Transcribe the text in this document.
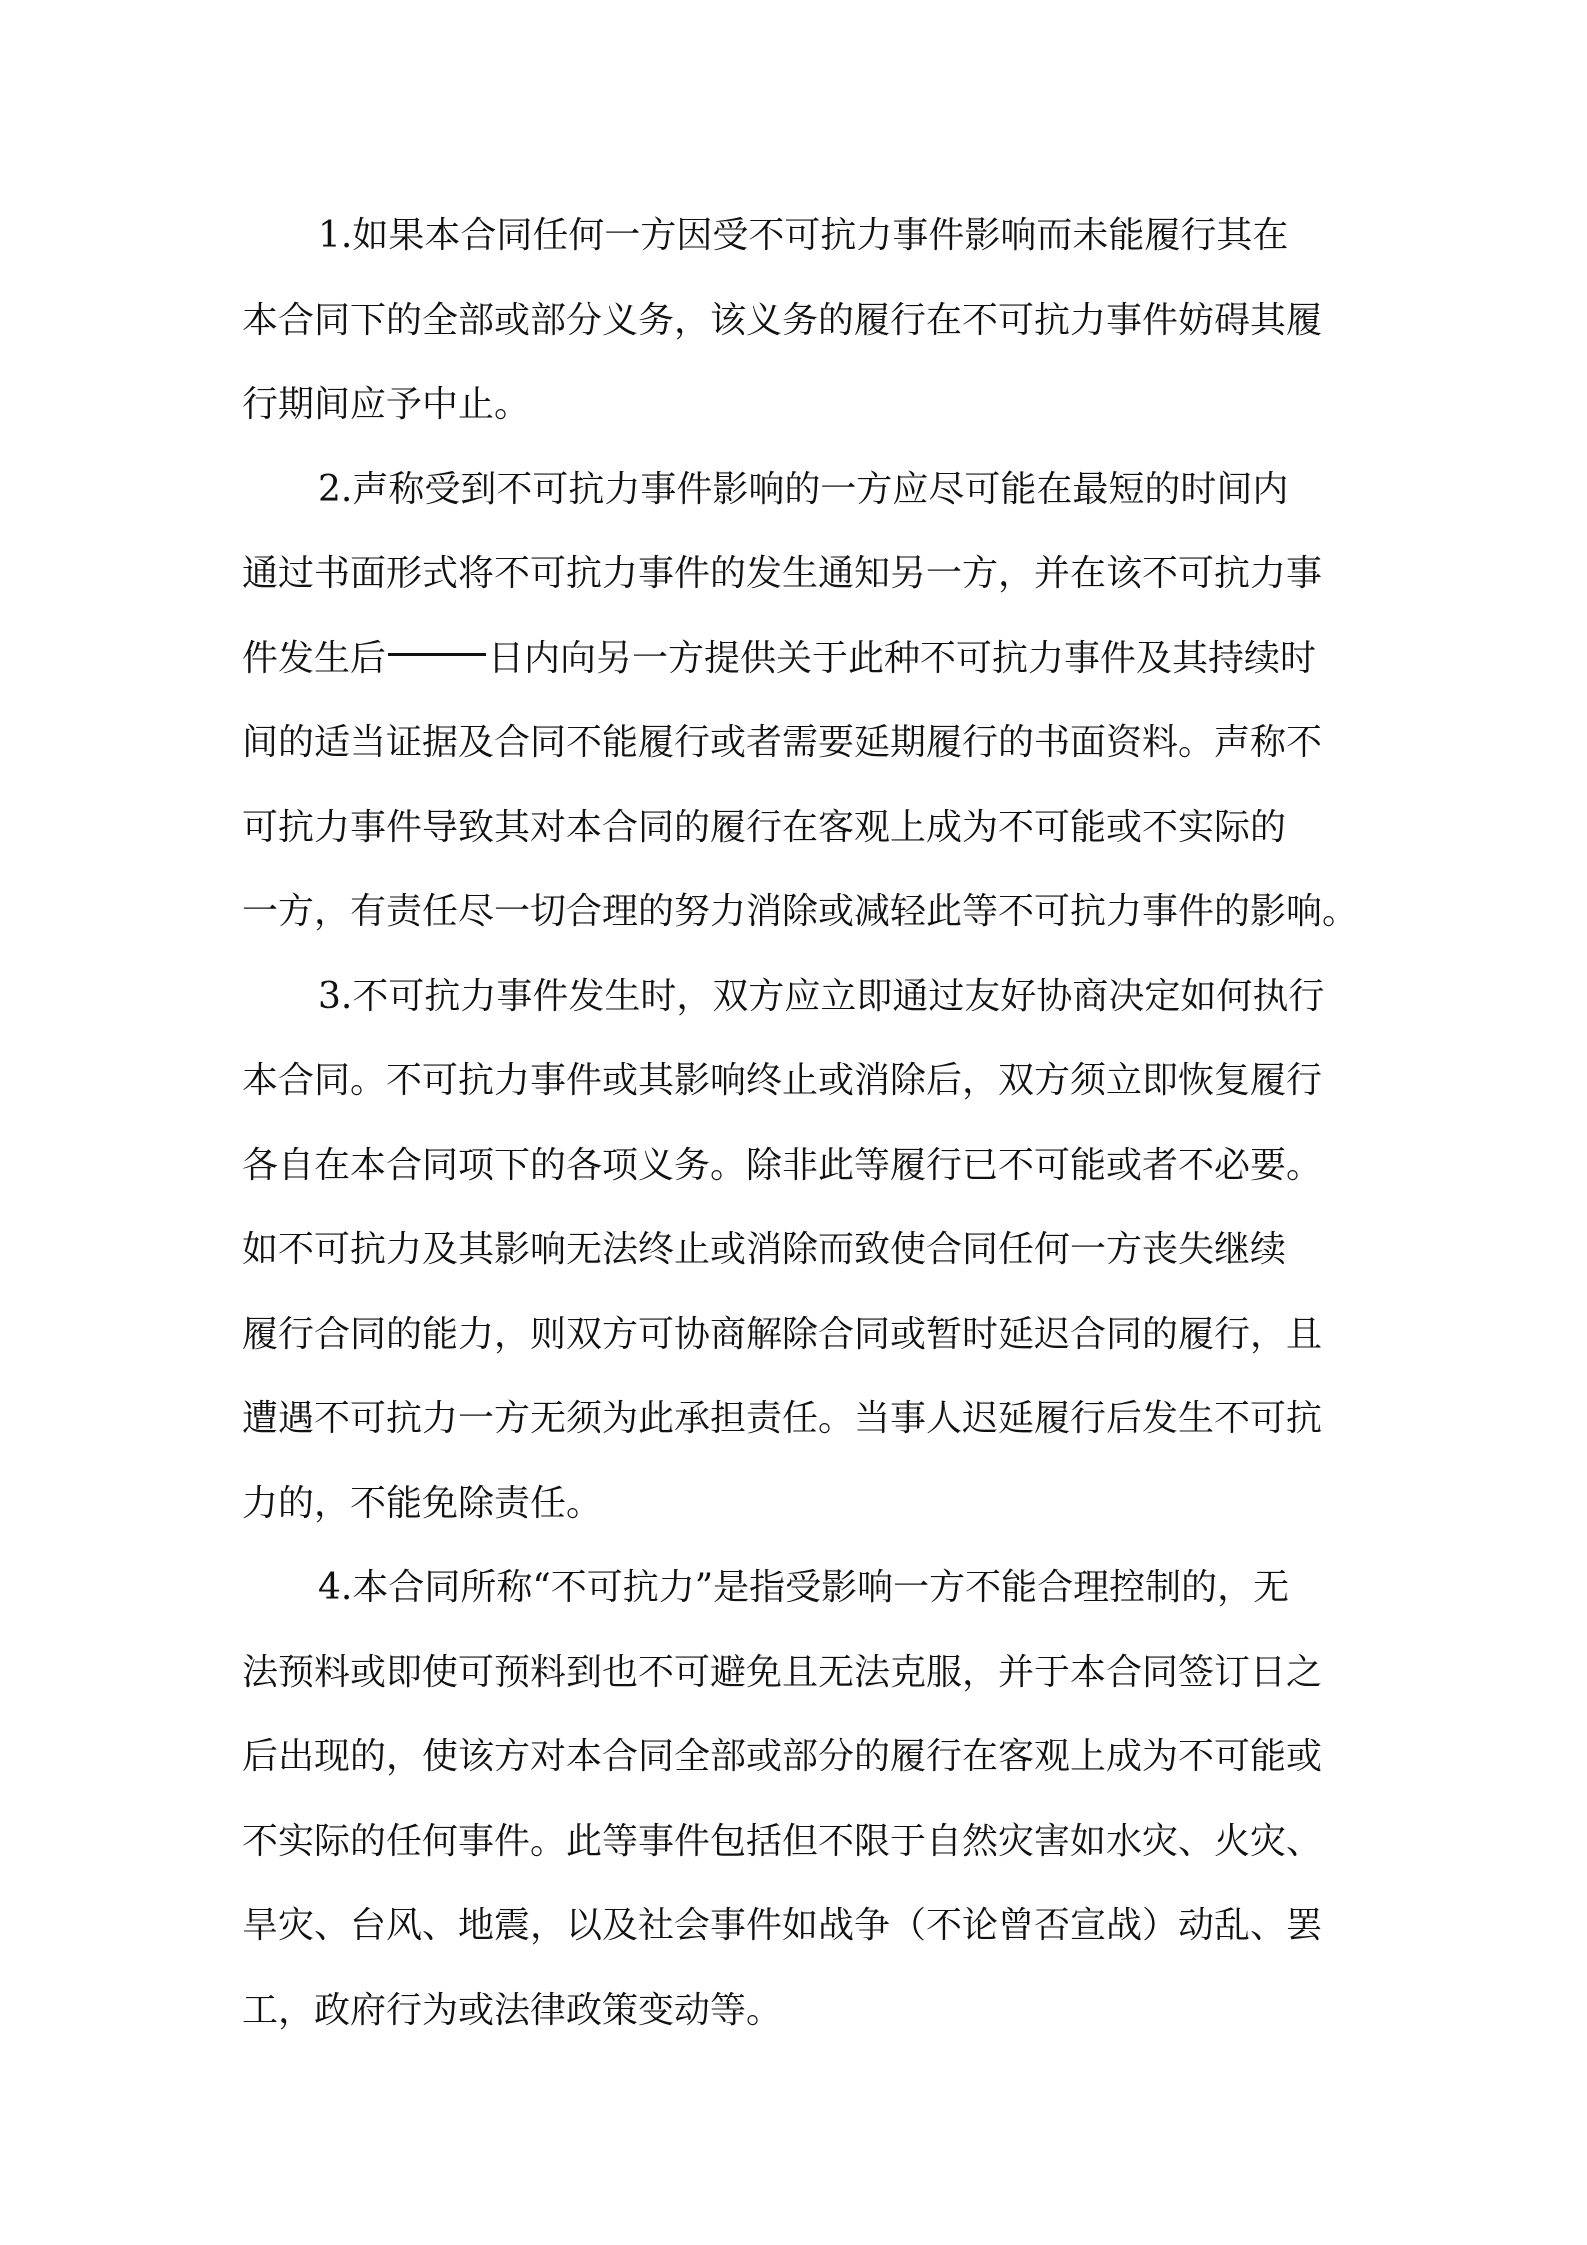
1.如果本合同任何一方因受不可抗力事件影响而未能履行其在
本合同下的全部或部分义务，该义务的履行在不可抗力事件妨碍其履
行期间应予中止。
2.声称受到不可抗力事件影响的一方应尽可能在最短的时间内
通过书面形式将不可抗力事件的发生通知另一方，并在该不可抗力事
件发生后	日内向另一方提供关于此种不可抗力事件及其持续时
间的适当证据及合同不能履行或者需要延期履行的书面资料。声称不
可抗力事件导致其对本合同的履行在客观上成为不可能或不实际的
一方，有责任尽一切合理的努力消除或减轻此等不可抗力事件的影响。
3.不可抗力事件发生时，双方应立即通过友好协商决定如何执行
本合同。不可抗力事件或其影响终止或消除后，双方须立即恢复履行
各自在本合同项下的各项义务。除非此等履行已不可能或者不必要。
如不可抗力及其影响无法终止或消除而致使合同任何一方丧失继续
履行合同的能力，则双方可协商解除合同或暂时延迟合同的履行，且
遭遇不可抗力一方无须为此承担责任。当事人迟延履行后发生不可抗
力的，不能免除责任。
4.本合同所称“不可抗力”是指受影响一方不能合理控制的，无
法预料或即使可预料到也不可避免且无法克服，并于本合同签订日之
后出现的，使该方对本合同全部或部分的履行在客观上成为不可能或
不实际的任何事件。此等事件包括但不限于自然灾害如水灾、火灾、
旱灾、台风、地震，以及社会事件如战争（不论曾否宣战）动乱、罢
工，政府行为或法律政策变动等。
